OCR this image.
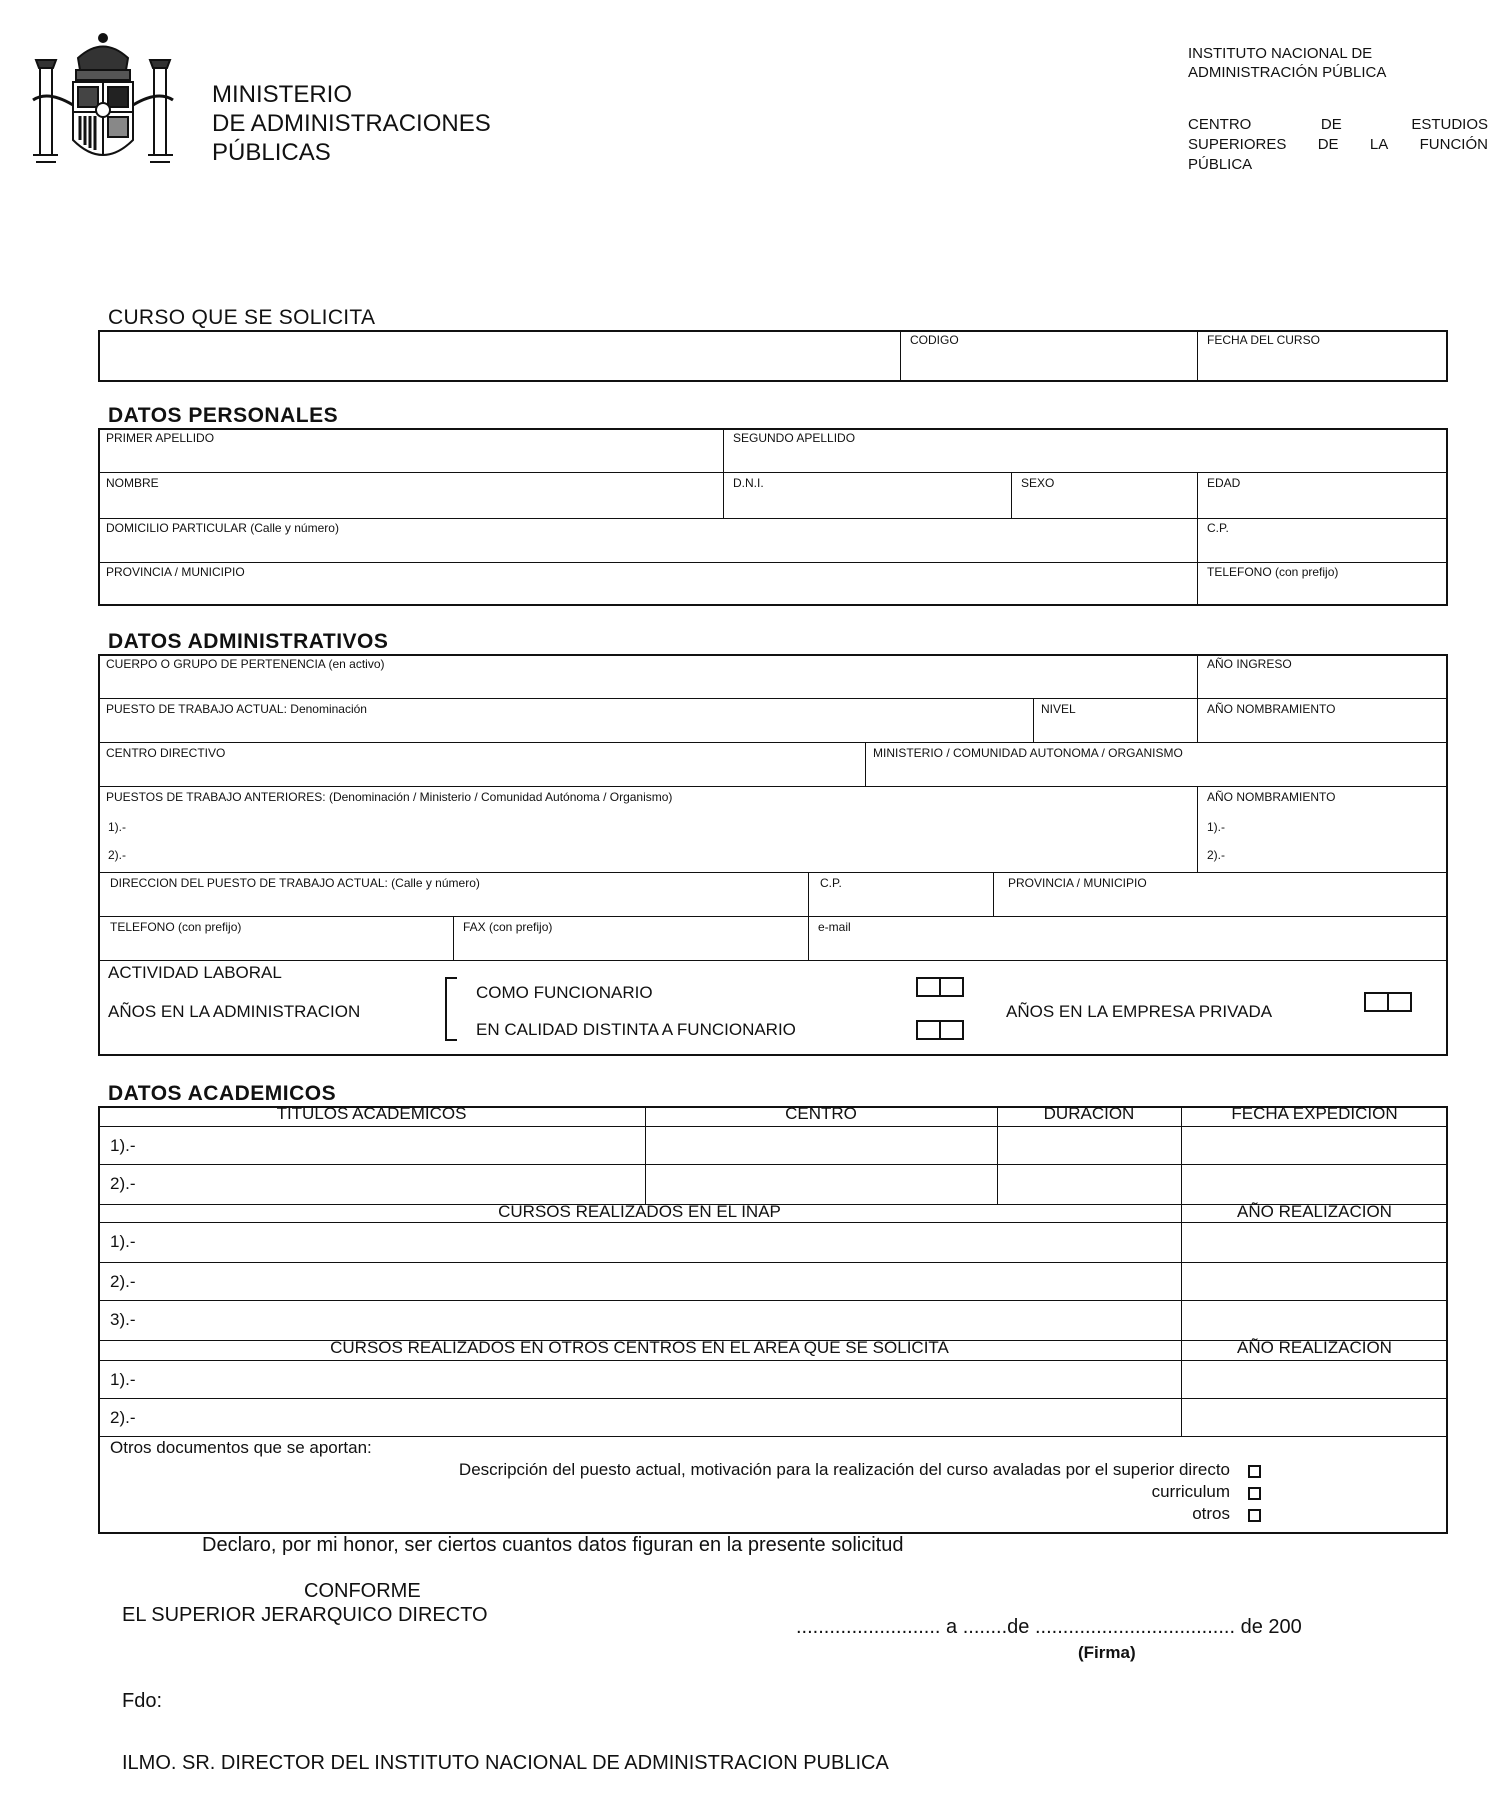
MINISTERIO
DE ADMINISTRACIONES
PÚBLICAS
INSTITUTO NACIONAL DE
ADMINISTRACIÓN PÚBLICA
CENTRO	DE	ESTUDIOS
SUPERIORES DE LA FUNCIÓN
PÚBLICA
CURSO QUE SE SOLICITA
CODIGO	FECHA DEL CURSO
DATOS PERSONALES
PRIMER APELLIDO	SEGUNDO APELLIDO
NOMBRE	D.N.I.	SEXO	EDAD
DOMICILIO PARTICULAR (Calle y número)	C.P.
PROVINCIA / MUNICIPIO	TELEFONO (con prefijo)
DATOS ADMINISTRATIVOS
CUERPO O GRUPO DE PERTENENCIA (en activo)	AÑO INGRESO
PUESTO DE TRABAJO ACTUAL: Denominación	NIVEL	AÑO NOMBRAMIENTO
CENTRO DIRECTIVO	MINISTERIO / COMUNIDAD AUTONOMA / ORGANISMO
PUESTOS DE TRABAJO ANTERIORES: (Denominación / Ministerio / Comunidad Autónoma / Organismo)	AÑO NOMBRAMIENTO
1).-
2).-
1).-
2).-
DIRECCION DEL PUESTO DE TRABAJO ACTUAL: (Calle y número)	C.P.	PROVINCIA / MUNICIPIO
TELEFONO (con prefijo)	FAX (con prefijo)	e-mail
ACTIVIDAD LABORAL
AÑOS EN LA ADMINISTRACION
COMO FUNCIONARIO
EN CALIDAD DISTINTA A FUNCIONARIO
AÑOS EN LA EMPRESA PRIVADA
DATOS ACADEMICOS
TITULOS ACADEMICOS	CENTRO	DURACION	FECHA EXPEDICION
1).-
2).-
CURSOS REALIZADOS EN EL INAP	AÑO REALIZACION
1).-
2).-
3).-
CURSOS REALIZADOS EN OTROS CENTROS EN EL AREA QUE SE SOLICITA	AÑO REALIZACION
1).-
2).-
Otros documentos que se aportan:
Descripción del puesto actual, motivación para la realización del curso avaladas por el superior directo
curriculum
otros
Declaro, por mi honor, ser ciertos cuantos datos figuran en la presente solicitud
CONFORME
EL SUPERIOR JERARQUICO DIRECTO
.......................... a ........de .................................... de 200
(Firma)
Fdo:
ILMO. SR. DIRECTOR DEL INSTITUTO NACIONAL DE ADMINISTRACION PUBLICA
